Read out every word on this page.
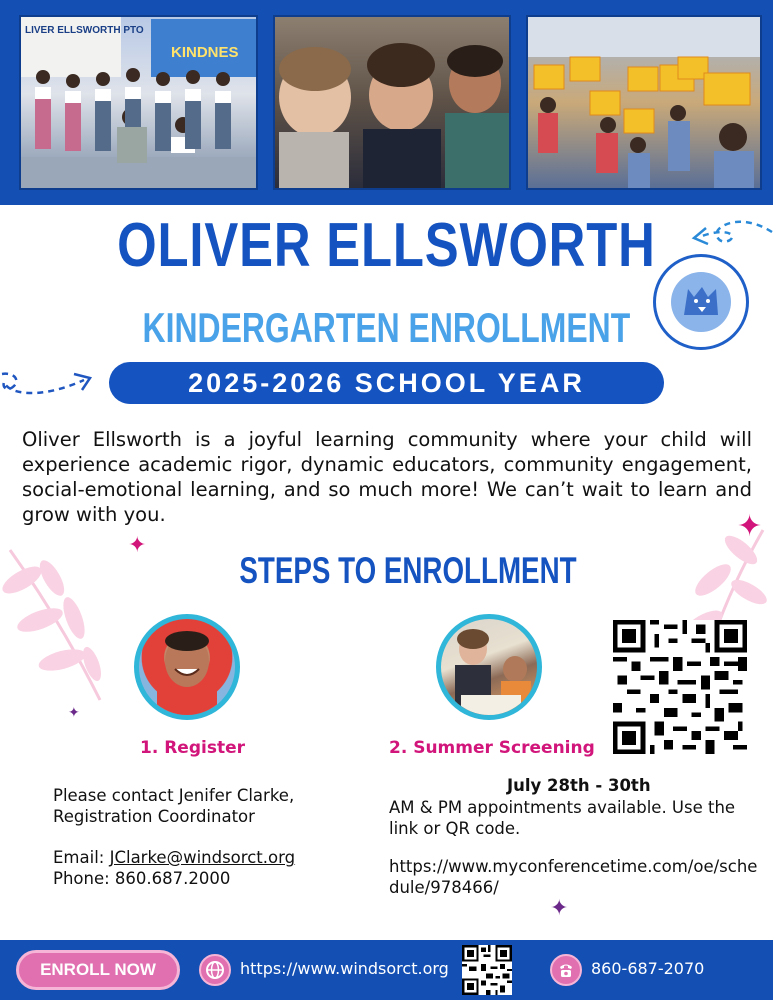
LIVER ELLSWORTH PTO
KINDNES
OLIVER ELLSWORTH
KINDERGARTEN ENROLLMENT
2025-2026 SCHOOL YEAR

Oliver Ellsworth is a joyful learning community where your child will experience academic rigor, dynamic educators, community engagement, social-emotional learning, and so much more! We can’t wait to learn and grow with you.

✦
✦
✦
✦
STEPS TO ENROLLMENT
1. Register	2. Summer Screening
Please contact Jenifer Clarke, Registration Coordinator
Email: JClarke@windsorct.org
Phone: 860.687.2000
July 28th - 30th
AM & PM appointments available. Use the link or QR code.
https://www.myconferencetime.com/oe/schedule/978466/
ENROLL NOW	https://www.windsorct.org	860-687-2070
